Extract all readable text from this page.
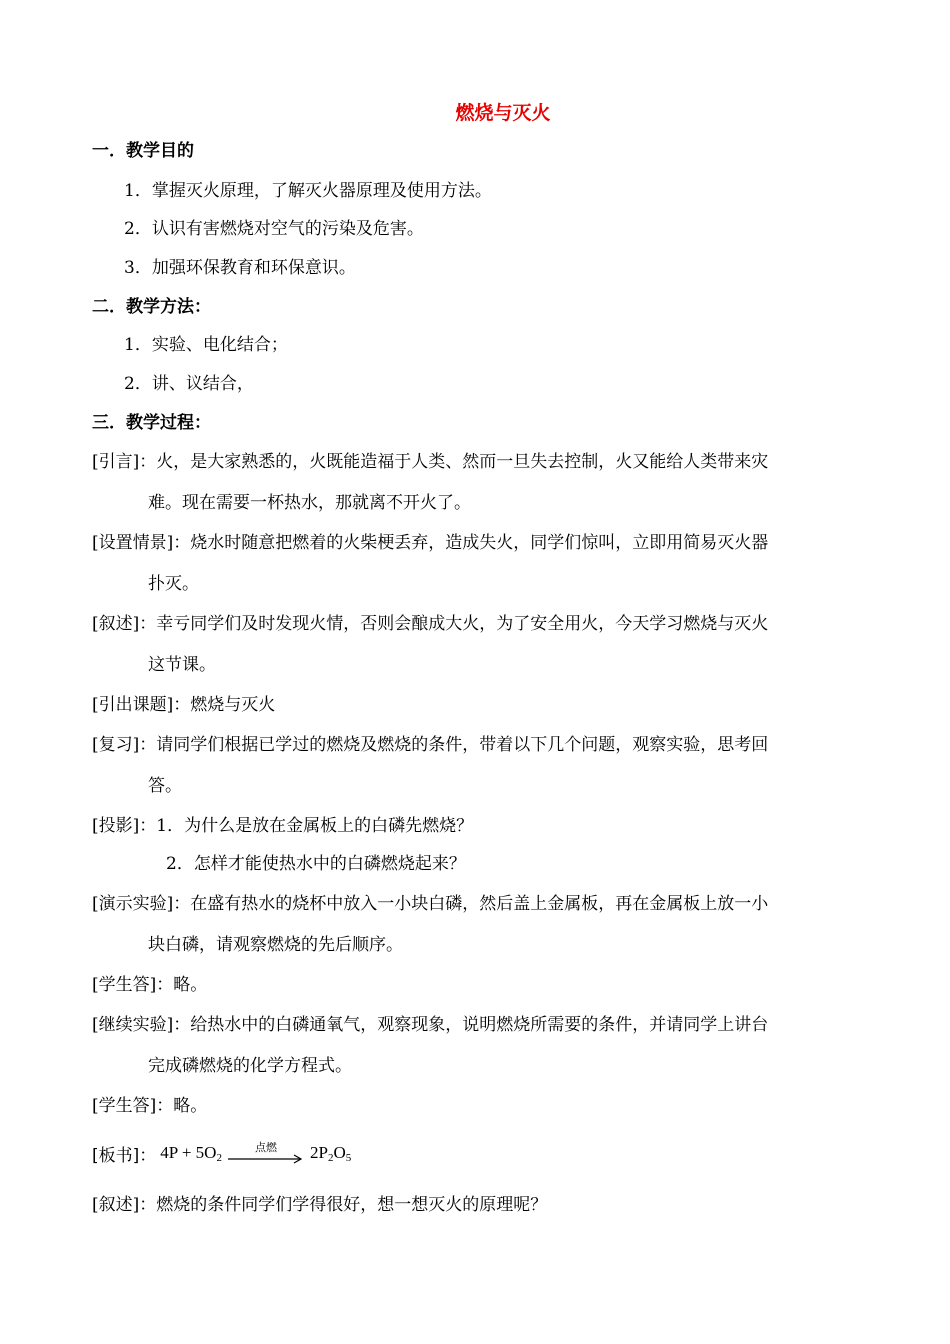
燃烧与灭火
一．教学目的
1．掌握灭火原理，了解灭火器原理及使用方法。
2．认识有害燃烧对空气的污染及危害。
3．加强环保教育和环保意识。
二．教学方法：
1．实验、电化结合；
2．讲、议结合，
三．教学过程：
[引言]：火，是大家熟悉的，火既能造福于人类、然而一旦失去控制，火又能给人类带来灾
难。现在需要一杯热水，那就离不开火了。
[设置情景]：烧水时随意把燃着的火柴梗丢弃，造成失火，同学们惊叫，立即用简易灭火器
扑灭。
[叙述]：幸亏同学们及时发现火情，否则会酿成大火，为了安全用火，今天学习燃烧与灭火
这节课。
[引出课题]：燃烧与灭火
[复习]：请同学们根据已学过的燃烧及燃烧的条件，带着以下几个问题，观察实验，思考回
答。
[投影]：1．为什么是放在金属板上的白磷先燃烧？
2．怎样才能使热水中的白磷燃烧起来？
[演示实验]：在盛有热水的烧杯中放入一小块白磷，然后盖上金属板，再在金属板上放一小
块白磷，请观察燃烧的先后顺序。
[学生答]：略。
[继续实验]：给热水中的白磷通氧气，观察现象，说明燃烧所需要的条件，并请同学上讲台
完成磷燃烧的化学方程式。
[学生答]：略。
[板书]： $4P + 5O_2$
点燃 $2P_2O_5$
[叙述]：燃烧的条件同学们学得很好，想一想灭火的原理呢？
